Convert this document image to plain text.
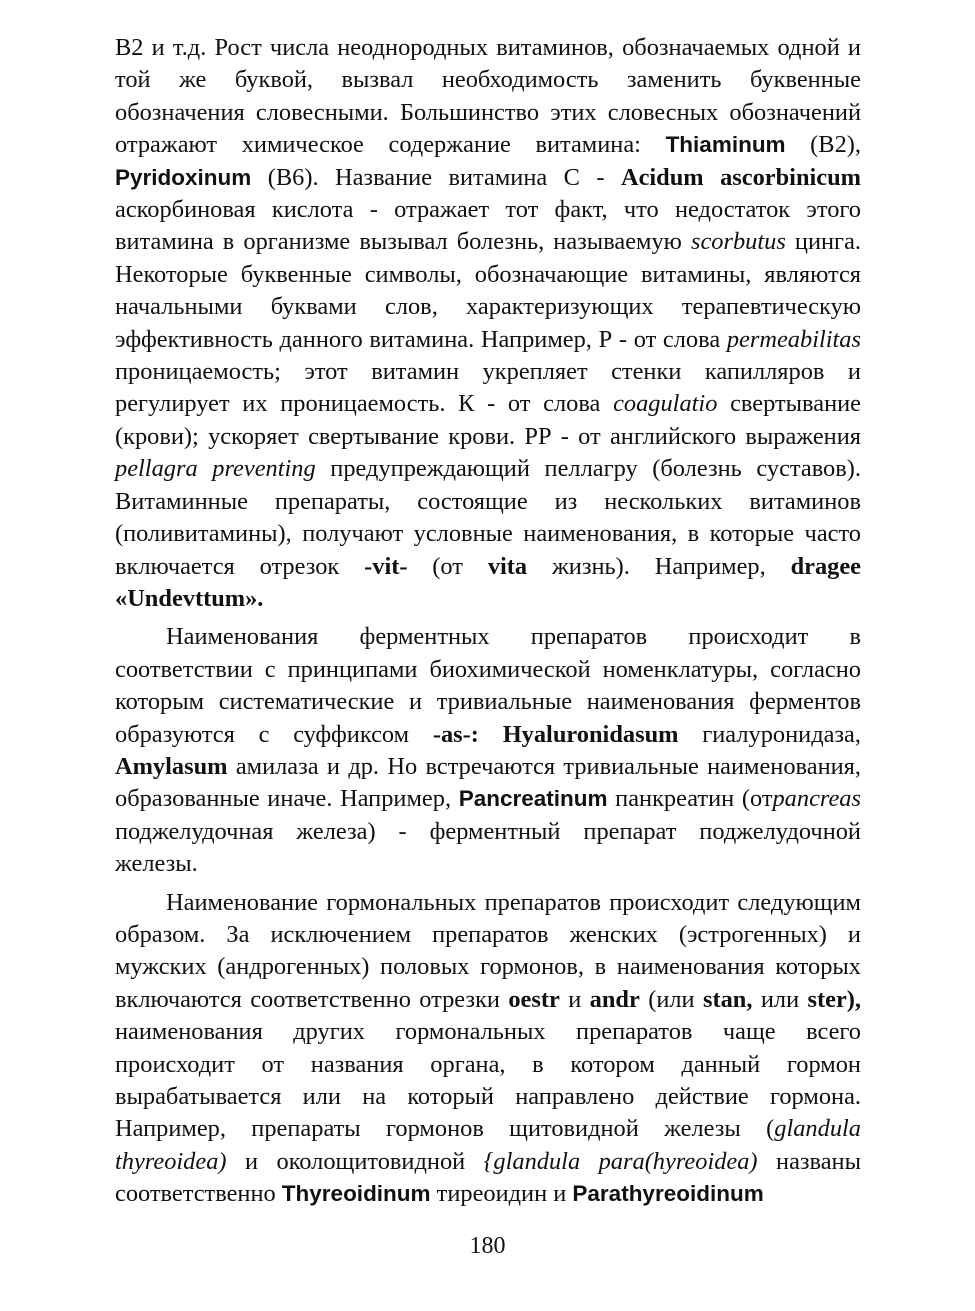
В2 и т.д. Рост числа неоднородных витаминов, обозначаемых одной и той же буквой, вызвал необходимость заменить буквенные обозначения словесными. Большинство этих словесных обозначений отражают химическое содержание витамина: Thiaminum (В2), Pyridoxinum (В6). Название витамина С - Acidum ascorbinicum аскорбиновая кислота - отражает тот факт, что недостаток этого витамина в организме вызывал болезнь, называемую scorbutus цинга. Некоторые буквенные символы, обозначающие витамины, являются начальными буквами слов, характеризующих терапевтическую эффективность данного витамина. Например, Р - от слова permeabilitas проницаемость; этот витамин укрепляет стенки капилляров и регулирует их проницаемость. К - от слова coagulatio свертывание (крови); ускоряет свертывание крови. РР - от английского выражения pellagra preventing предупреждающий пеллагру (болезнь суставов). Витаминные препараты, состоящие из нескольких витаминов (поливитамины), получают условные наименования, в которые часто включается отрезок -vit- (от vita жизнь). Например, dragee «Undevttum».

Наименования ферментных препаратов происходит в соответствии с принципами биохимической номенклатуры, согласно которым систематические и тривиальные наименования ферментов образуются с суффиксом -as-: Hyaluronidasum гиалуронидаза, Amylasum амилаза и др. Но встречаются тривиальные наименования, образованные иначе. Например, Pancreatinum панкреатин (отpancreas поджелудочная железа) - ферментный препарат поджелудочной железы.

Наименование гормональных препаратов происходит следующим образом. За исключением препаратов женских (эстрогенных) и мужских (андрогенных) половых гормонов, в наименования которых включаются соответственно отрезки oestr и andr (или stan, или ster), наименования других гормональных препаратов чаще всего происходит от названия органа, в котором данный гормон вырабатывается или на который направлено действие гормона. Например, препараты гормонов щитовидной железы (glandula thyreoidea) и околощитовидной {glandula para(hyreoidea) названы соответственно Thyreoidinum тиреоидин и Parathyreoidinum

180
